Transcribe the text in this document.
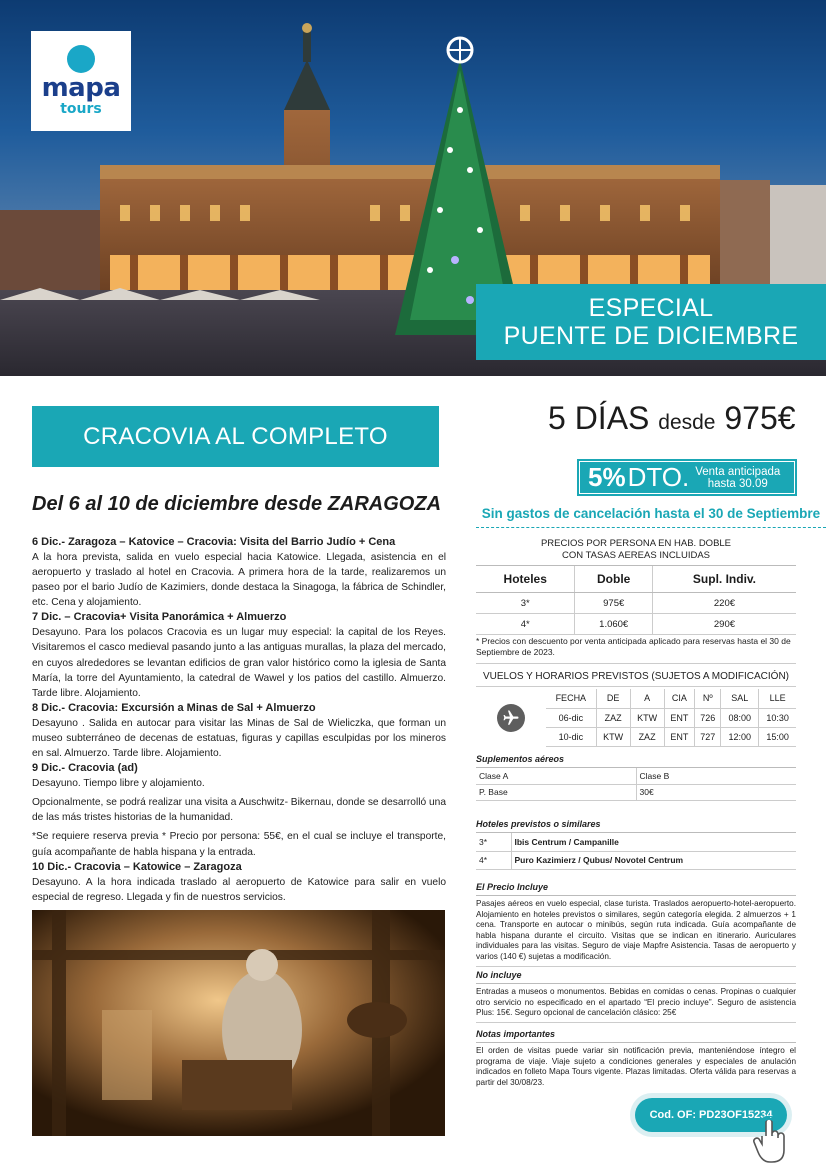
mapa
tours
ESPECIAL
PUENTE DE DICIEMBRE
CRACOVIA AL COMPLETO	5 DÍAS desde 975€
5% DTO. Venta anticipada
hasta 30.09
Sin gastos de cancelación hasta el 30 de Septiembre
Del 6 al 10 de diciembre desde ZARAGOZA
6 Dic.- Zaragoza – Katovice – Cracovia: Visita del Barrio Judío + Cena

A la hora prevista, salida en vuelo especial hacia Katowice. Llegada, asistencia en el aeropuerto y traslado al hotel en Cracovia. A primera hora de la tarde, realizaremos un paseo por el bario Judío de Kazimiers, donde destaca la Sinagoga, la fábrica de Schindler, etc. Cena y alojamiento.

7 Dic. – Cracovia+ Visita Panorámica + Almuerzo

Desayuno. Para los polacos Cracovia es un lugar muy especial: la capital de los Reyes. Visitaremos el casco medieval pasando junto a las antiguas murallas, la plaza del mercado, en cuyos alrededores se levantan edificios de gran valor histórico como la iglesia de Santa María, la torre del Ayuntamiento, la catedral de Wawel y los patios del castillo. Almuerzo. Tarde libre. Alojamiento.

8 Dic.- Cracovia: Excursión a Minas de Sal + Almuerzo

Desayuno . Salida en autocar para visitar las Minas de Sal de Wieliczka, que forman un museo subterráneo de decenas de estatuas, figuras y capillas esculpidas por los mineros en sal. Almuerzo. Tarde libre. Alojamiento.

9 Dic.- Cracovia (ad)

Desayuno. Tiempo libre y alojamiento.

Opcionalmente, se podrá realizar una visita a Auschwitz- Bikernau, donde se desarrolló una de las más tristes historias de la humanidad.

*Se requiere reserva previa * Precio por persona: 55€, en el cual se incluye el transporte, guía acompañante de habla hispana y la entrada.

10 Dic.- Cracovia – Katowice – Zaragoza

Desayuno. A la hora indicada traslado al aeropuerto de Katowice para salir en vuelo especial de regreso. Llegada y fin de nuestros servicios.

PRECIOS POR PERSONA EN HAB. DOBLE
CON TASAS AEREAS INCLUIDAS
Hoteles	Doble	Supl. Indiv.
3*	975€	220€
4*	1.060€	290€
* Precios con descuento por venta anticipada aplicado para reservas hasta el 30 de Septiembre de 2023.
VUELOS Y HORARIOS PREVISTOS (SUJETOS A MODIFICACIÓN)
FECHA	DE	A	CIA	Nº	SAL	LLE
06-dic	ZAZ	KTW	ENT	726	08:00	10:30
10-dic	KTW	ZAZ	ENT	727	12:00	15:00
Suplementos aéreos
Clase A	Clase B
P. Base	30€
Hoteles previstos o similares
3*	Ibis Centrum / Campanille
4*	Puro Kazimierz / Qubus/ Novotel Centrum
El Precio Incluye
Pasajes aéreos en vuelo especial, clase turista. Traslados aeropuerto-hotel-aeropuerto. Alojamiento en hoteles previstos o similares, según categoría elegida. 2 almuerzos + 1 cena. Transporte en autocar o minibús, según ruta indicada. Guía acompañante de habla hispana durante el circuito. Visitas que se indican en itinerario. Auriculares individuales para las visitas. Seguro de viaje Mapfre Asistencia. Tasas de aeropuerto y varios (140 €) sujetas a modificación.
No incluye
Entradas a museos o monumentos. Bebidas en comidas o cenas. Propinas o cualquier otro servicio no especificado en el apartado “El precio incluye”. Seguro de asistencia Plus: 15€. Seguro opcional de cancelación clásico: 25€
Notas importantes
El orden de visitas puede variar sin notificación previa, manteniéndose íntegro el programa de viaje. Viaje sujeto a condiciones generales y especiales de anulación indicados en folleto Mapa Tours vigente. Plazas limitadas. Oferta válida para reservas a partir del 30/08/23.
Cod. OF: PD23OF15234
